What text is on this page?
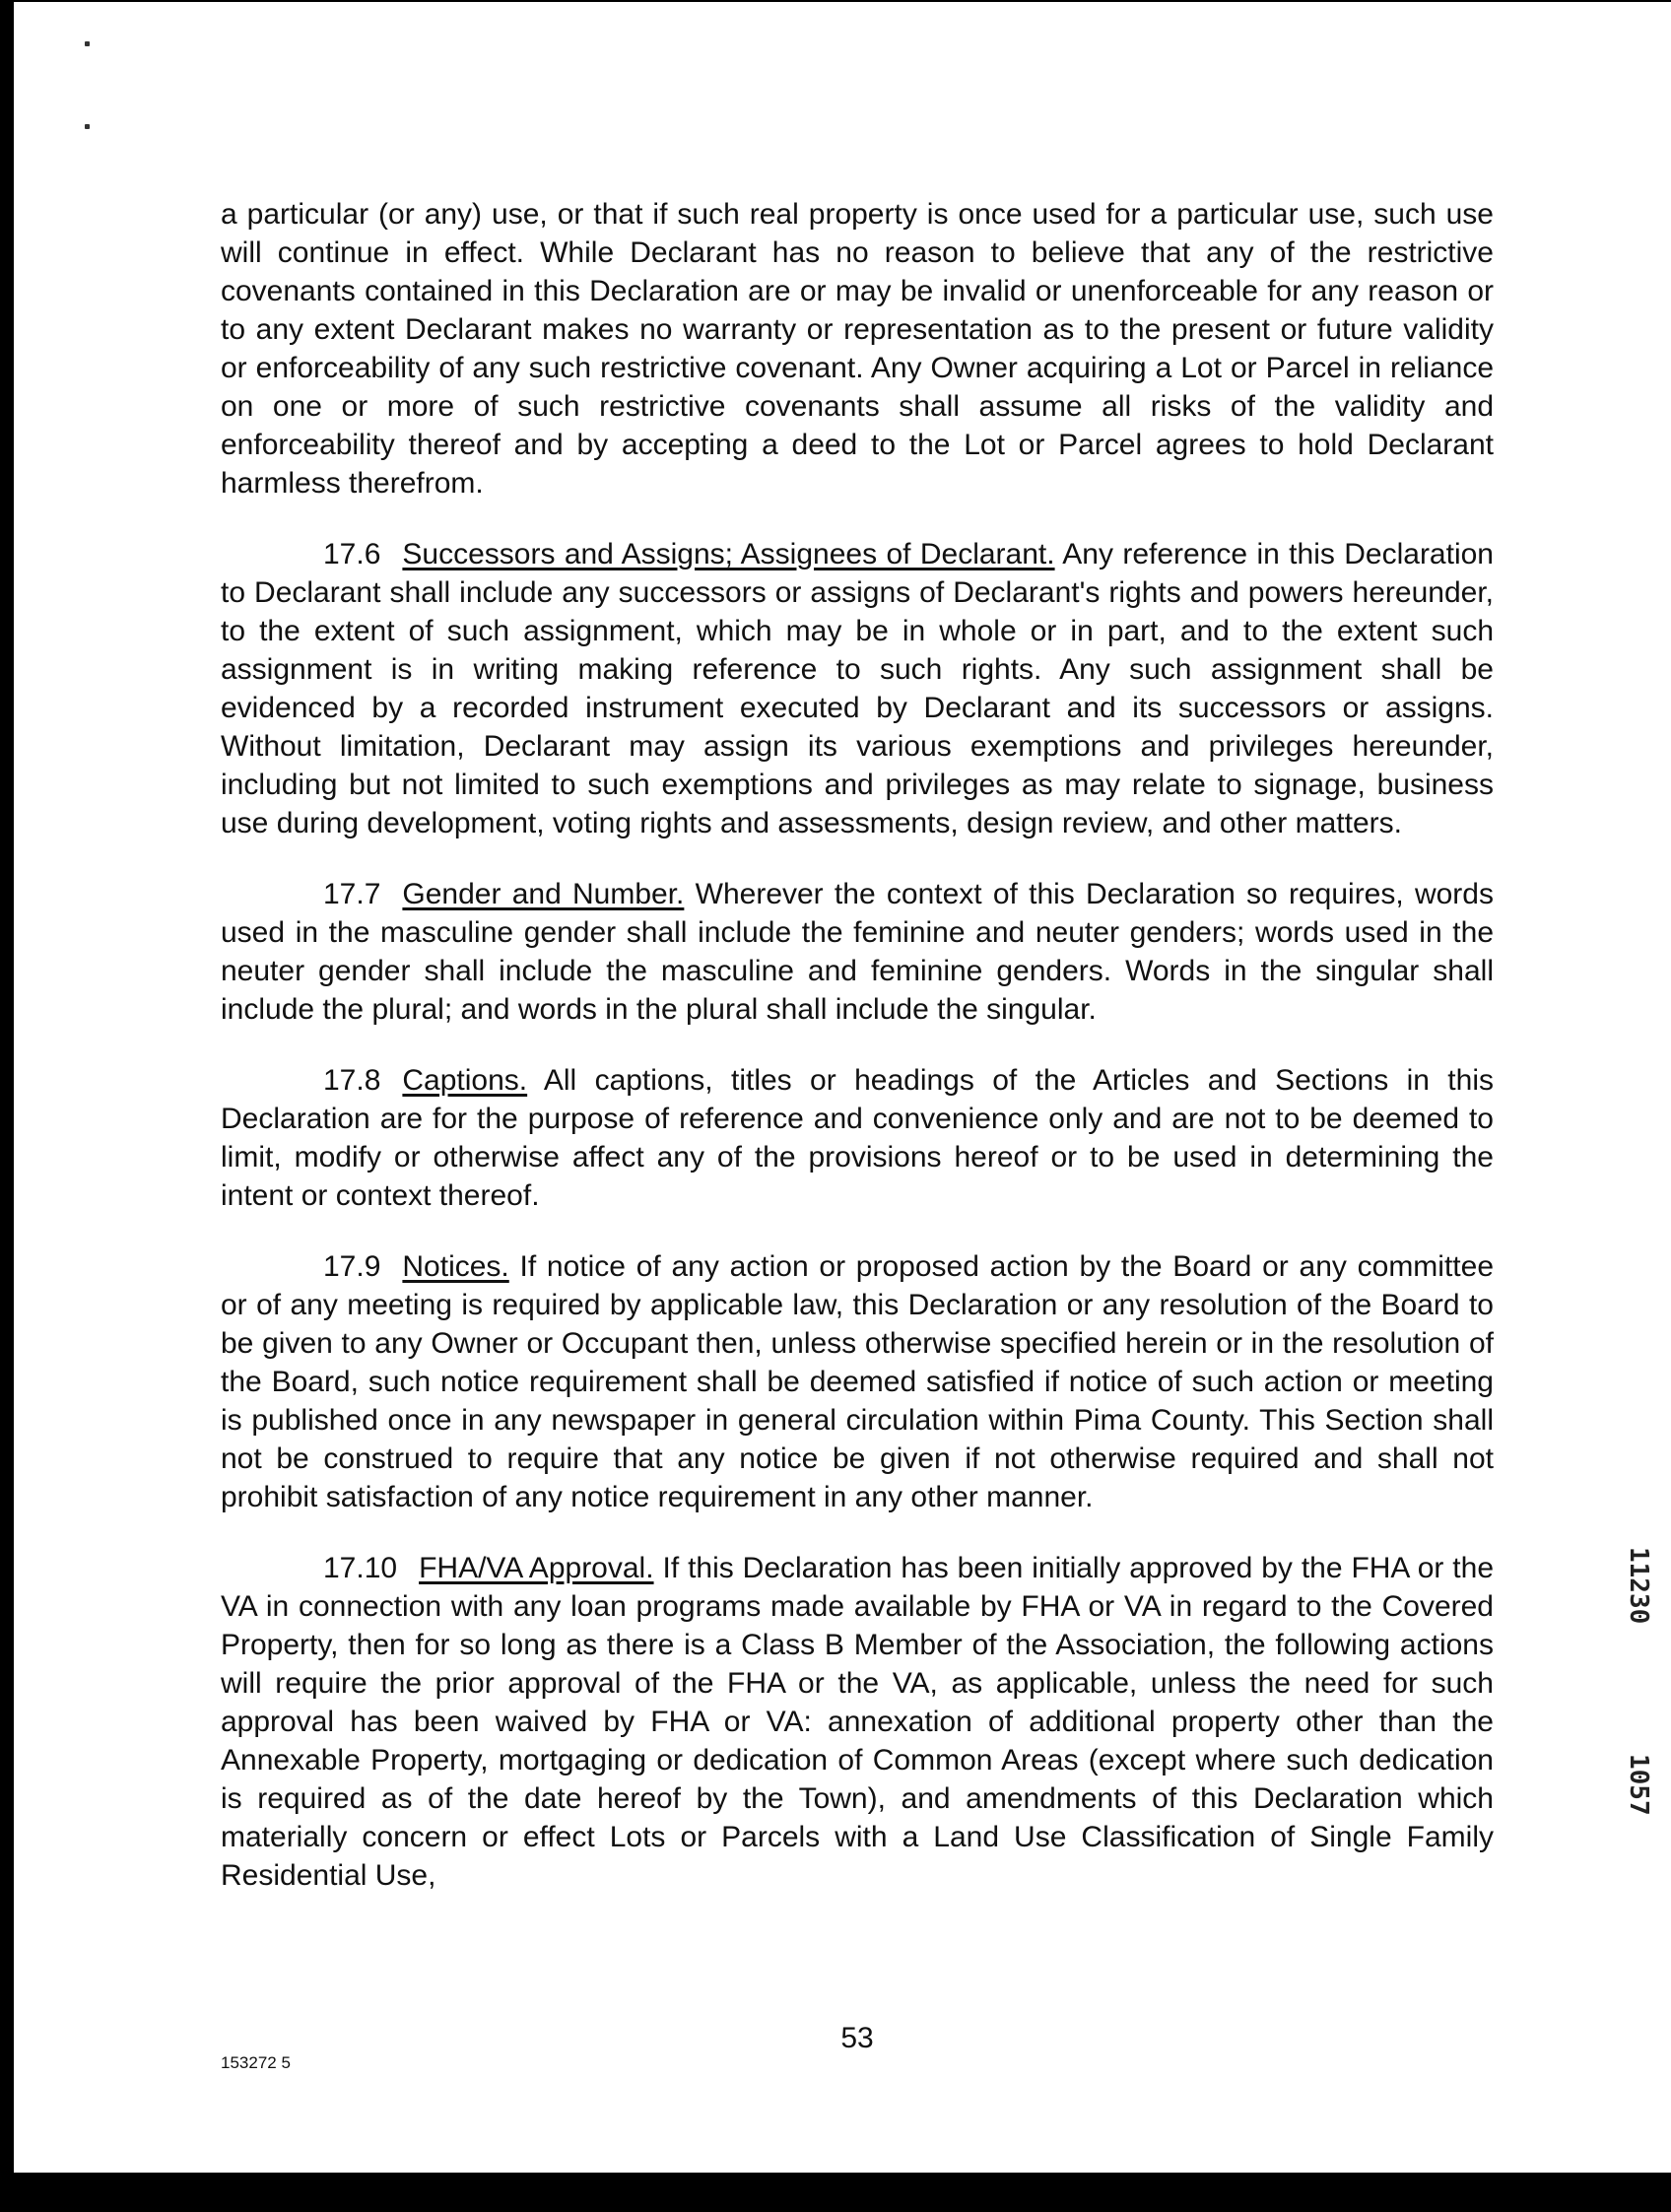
a particular (or any) use, or that if such real property is once used for a particular use, such use will continue in effect. While Declarant has no reason to believe that any of the restrictive covenants contained in this Declaration are or may be invalid or unenforceable for any reason or to any extent Declarant makes no warranty or representation as to the present or future validity or enforceability of any such restrictive covenant. Any Owner acquiring a Lot or Parcel in reliance on one or more of such restrictive covenants shall assume all risks of the validity and enforceability thereof and by accepting a deed to the Lot or Parcel agrees to hold Declarant harmless therefrom.

17.6 Successors and Assigns; Assignees of Declarant. Any reference in this Declaration to Declarant shall include any successors or assigns of Declarant's rights and powers hereunder, to the extent of such assignment, which may be in whole or in part, and to the extent such assignment is in writing making reference to such rights. Any such assignment shall be evidenced by a recorded instrument executed by Declarant and its successors or assigns. Without limitation, Declarant may assign its various exemptions and privileges hereunder, including but not limited to such exemptions and privileges as may relate to signage, business use during development, voting rights and assessments, design review, and other matters.

17.7 Gender and Number. Wherever the context of this Declaration so requires, words used in the masculine gender shall include the feminine and neuter genders; words used in the neuter gender shall include the masculine and feminine genders. Words in the singular shall include the plural; and words in the plural shall include the singular.

17.8 Captions. All captions, titles or headings of the Articles and Sections in this Declaration are for the purpose of reference and convenience only and are not to be deemed to limit, modify or otherwise affect any of the provisions hereof or to be used in determining the intent or context thereof.

17.9 Notices. If notice of any action or proposed action by the Board or any committee or of any meeting is required by applicable law, this Declaration or any resolution of the Board to be given to any Owner or Occupant then, unless otherwise specified herein or in the resolution of the Board, such notice requirement shall be deemed satisfied if notice of such action or meeting is published once in any newspaper in general circulation within Pima County. This Section shall not be construed to require that any notice be given if not otherwise required and shall not prohibit satisfaction of any notice requirement in any other manner.

17.10 FHA/VA Approval. If this Declaration has been initially approved by the FHA or the VA in connection with any loan programs made available by FHA or VA in regard to the Covered Property, then for so long as there is a Class B Member of the Association, the following actions will require the prior approval of the FHA or the VA, as applicable, unless the need for such approval has been waived by FHA or VA: annexation of additional property other than the Annexable Property, mortgaging or dedication of Common Areas (except where such dedication is required as of the date hereof by the Town), and amendments of this Declaration which materially concern or effect Lots or Parcels with a Land Use Classification of Single Family Residential Use,

53
153272 5
11230
1057
